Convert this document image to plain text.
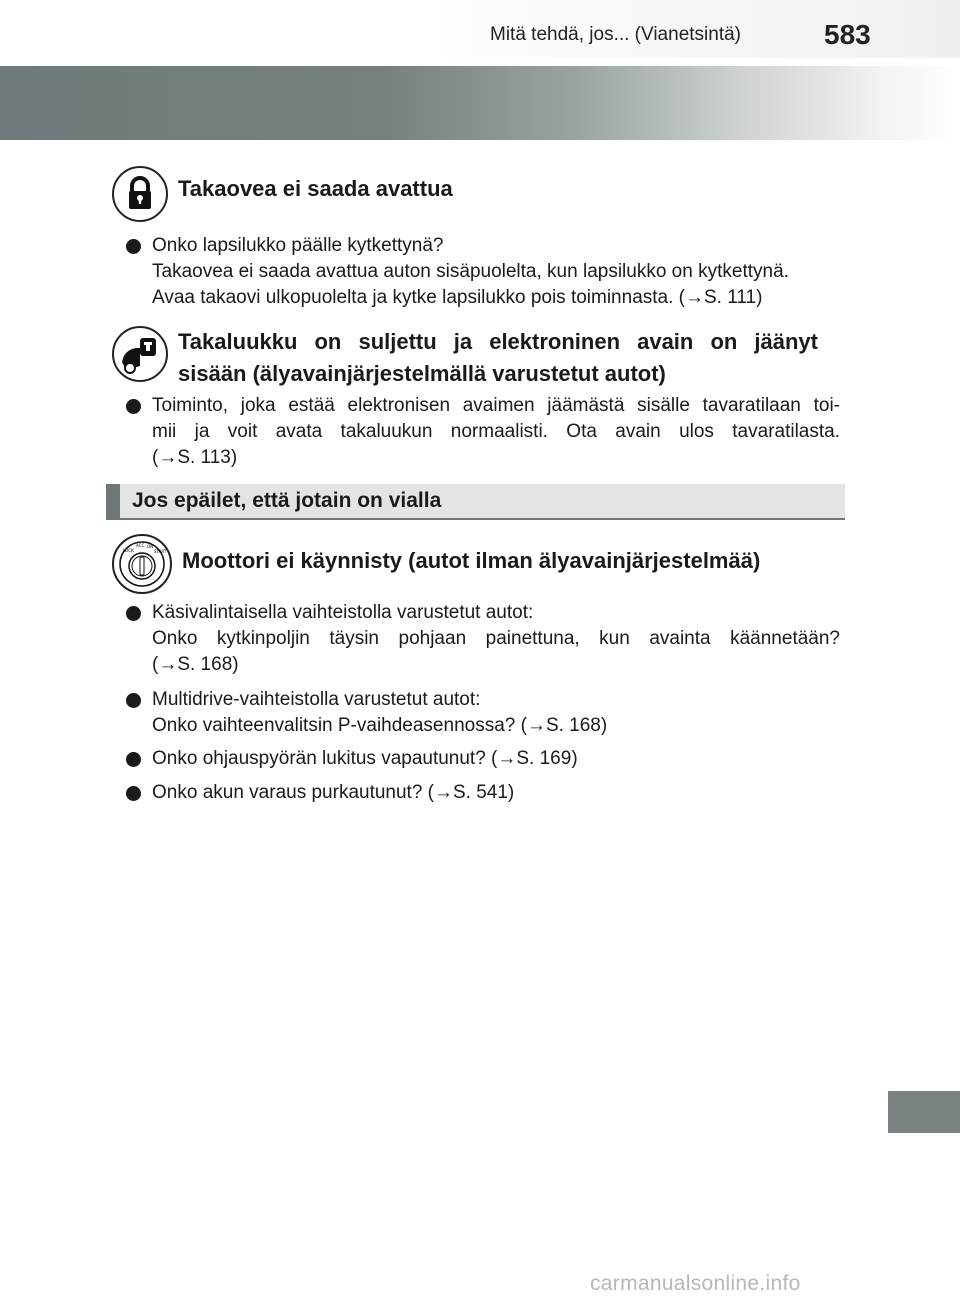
Mitä tehdä, jos... (Vianetsintä)	583
Takaovea ei saada avattua
Onko lapsilukko päälle kytkettynä?
Takaovea ei saada avattua auton sisäpuolelta, kun lapsilukko on kytkettynä.
Avaa takaovi ulkopuolelta ja kytke lapsilukko pois toiminnasta. (→S. 111)
Takaluukku on suljettu ja elektroninen avain on jäänyt
sisään (älyavainjärjestelmällä varustetut autot)
Toiminto, joka estää elektronisen avaimen jäämästä sisälle tavaratilaan toi-
mii ja voit avata takaluukun normaalisti. Ota avain ulos tavaratilasta.
(→S. 113)
Jos epäilet, että jotain on vialla
LOCK
ACC ON
START Moottori ei käynnisty (autot ilman älyavainjärjestelmää)
Käsivalintaisella vaihteistolla varustetut autot:
Onko kytkinpoljin täysin pohjaan painettuna, kun avainta käännetään?
(→S. 168)
Multidrive-vaihteistolla varustetut autot:
Onko vaihteenvalitsin P-vaihdeasennossa? (→S. 168)
Onko ohjauspyörän lukitus vapautunut? (→S. 169)
Onko akun varaus purkautunut? (→S. 541)
carmanualsonline.info
